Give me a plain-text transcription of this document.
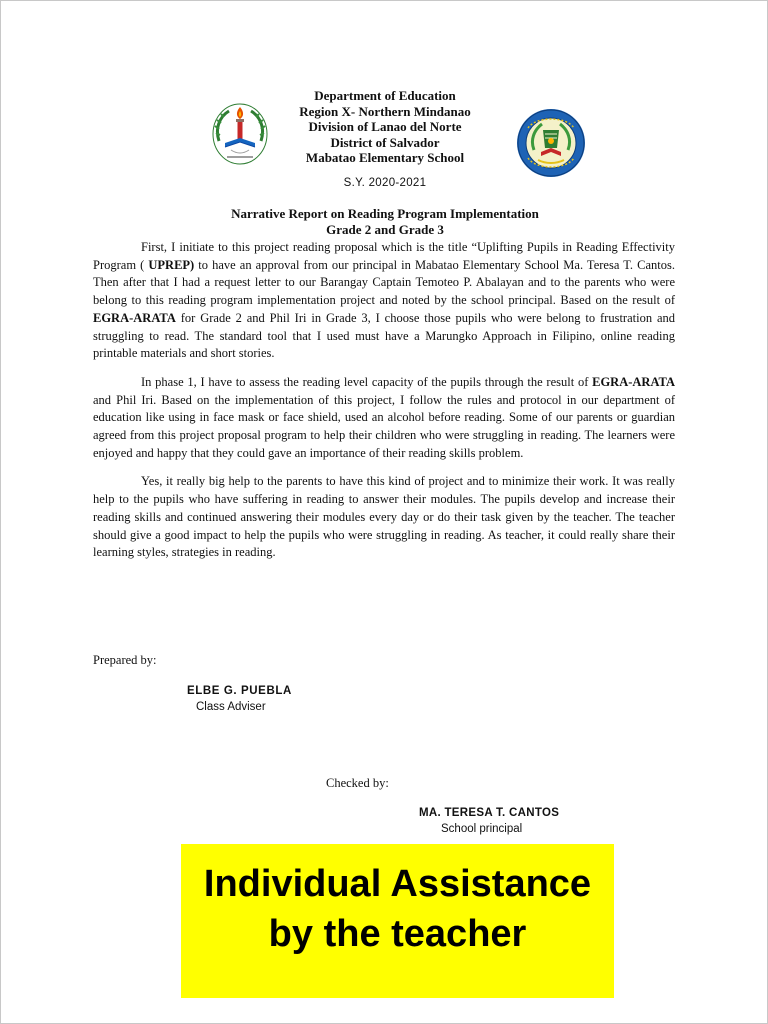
Department of Education
Region X- Northern Mindanao
Division of Lanao del Norte
District of Salvador
Mabatao Elementary School
S.Y. 2020-2021
Narrative Report on Reading Program Implementation
Grade 2 and Grade 3

First, I initiate to this project reading proposal which is the title “Uplifting Pupils in Reading Effectivity Program ( UPREP) to have an approval from our principal in Mabatao Elementary School Ma. Teresa T. Cantos. Then after that I had a request letter to our Barangay Captain Temoteo P. Abalayan and to the parents who were belong to this reading program implementation project and noted by the school principal. Based on the result of EGRA-ARATA for Grade 2 and Phil Iri in Grade 3, I choose those pupils who were belong to frustration and struggling to read. The standard tool that I used must have a Marungko Approach in Filipino, online reading printable materials and short stories.

In phase 1, I have to assess the reading level capacity of the pupils through the result of EGRA-ARATA and Phil Iri. Based on the implementation of this project, I follow the rules and protocol in our department of education like using in face mask or face shield, used an alcohol before reading. Some of our parents or guardian agreed from this project proposal program to help their children who were struggling in reading. The learners were enjoyed and happy that they could gave an importance of their reading skills problem.

Yes, it really big help to the parents to have this kind of project and to minimize their work. It was really help to the pupils who have suffering in reading to answer their modules. The pupils develop and increase their reading skills and continued answering their modules every day or do their task given by the teacher. The teacher should give a good impact to help the pupils who were struggling in reading. As teacher, it could really share their learning styles, strategies in reading.

Prepared by:
ELBE G. PUEBLA
Class Adviser
Checked by:
MA. TERESA T. CANTOS
School principal
Individual Assistance
by the teacher
